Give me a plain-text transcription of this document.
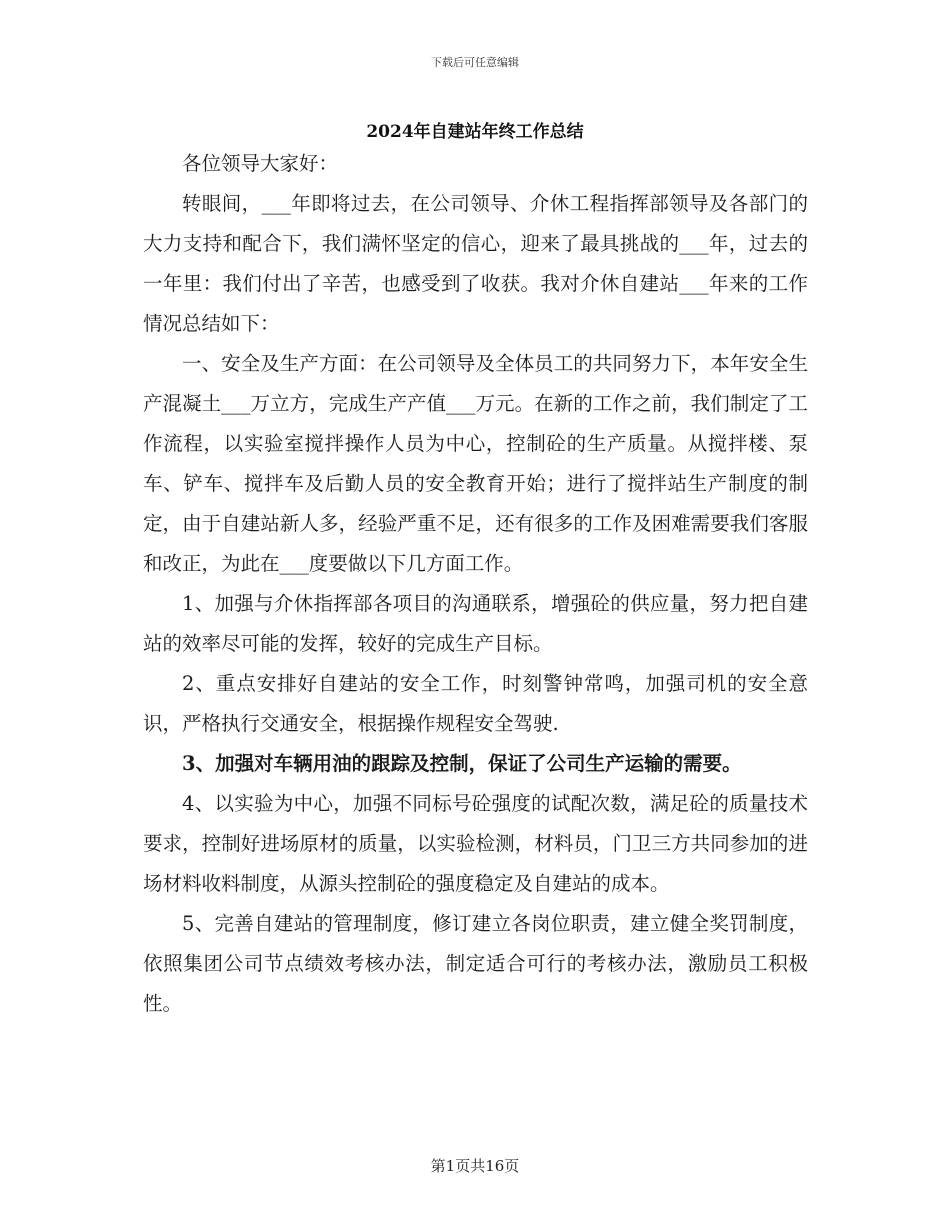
下载后可任意编辑
2024年自建站年终工作总结

各位领导大家好：

转眼间，___年即将过去，在公司领导、介休工程指挥部领导及各部门的大力支持和配合下，我们满怀坚定的信心，迎来了最具挑战的___年，过去的一年里：我们付出了辛苦，也感受到了收获。我对介休自建站___年来的工作情况总结如下：

一、安全及生产方面：在公司领导及全体员工的共同努力下，本年安全生产混凝土___万立方，完成生产产值___万元。在新的工作之前，我们制定了工作流程，以实验室搅拌操作人员为中心，控制砼的生产质量。从搅拌楼、泵车、铲车、搅拌车及后勤人员的安全教育开始；进行了搅拌站生产制度的制定，由于自建站新人多，经验严重不足，还有很多的工作及困难需要我们客服和改正，为此在___度要做以下几方面工作。

1、加强与介休指挥部各项目的沟通联系，增强砼的供应量，努力把自建站的效率尽可能的发挥，较好的完成生产目标。

2、重点安排好自建站的安全工作，时刻警钟常鸣，加强司机的安全意识，严格执行交通安全，根据操作规程安全驾驶.

3、加强对车辆用油的跟踪及控制，保证了公司生产运输的需要。

4、以实验为中心，加强不同标号砼强度的试配次数，满足砼的质量技术要求，控制好进场原材的质量，以实验检测，材料员，门卫三方共同参加的进场材料收料制度，从源头控制砼的强度稳定及自建站的成本。

5、完善自建站的管理制度，修订建立各岗位职责，建立健全奖罚制度，依照集团公司节点绩效考核办法，制定适合可行的考核办法，激励员工积极性。

第1页共16页
